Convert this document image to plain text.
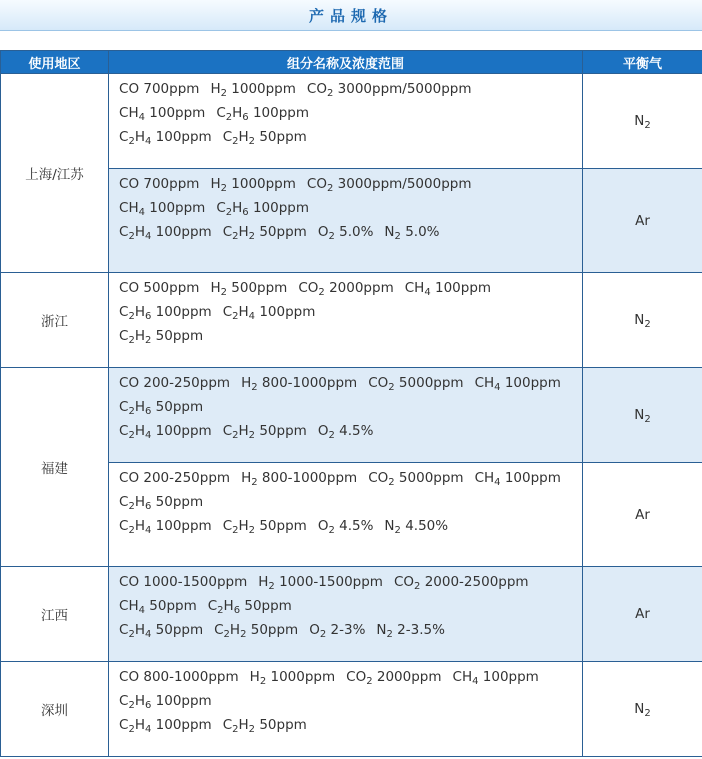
产品规格
使用地区	组分名称及浓度范围	平衡气
上海/江苏	CO 700ppm $H_2$ 1000ppm $CO_2$ 3000ppm/5000ppm
$CH_4$ 100ppm $C_2H_6$ 100ppm
$C_2H_4$ 100ppm $C_2H_2$ 50ppm	$N_2$

	CO 700ppm $H_2$ 1000ppm $CO_2$ 3000ppm/5000ppm
$CH_4$ 100ppm $C_2H_6$ 100ppm
$C_2H_4$ 100ppm $C_2H_2$ 50ppm $O_2$ 5.0% $N_2$ 5.0%	Ar
浙江	CO 500ppm $H_2$ 500ppm $CO_2$ 2000ppm $CH_4$ 100ppm
$C_2H_6$ 100ppm $C_2H_4$ 100ppm
$C_2H_2$ 50ppm	$N_2$
福建	CO 200-250ppm $H_2$ 800-1000ppm $CO_2$ 5000ppm $CH_4$ 100ppm
$C_2H_6$ 50ppm
$C_2H_4$ 100ppm $C_2H_2$ 50ppm $O_2$ 4.5%	$N_2$

	CO 200-250ppm $H_2$ 800-1000ppm $CO_2$ 5000ppm $CH_4$ 100ppm
$C_2H_6$ 50ppm
$C_2H_4$ 100ppm $C_2H_2$ 50ppm $O_2$ 4.5% $N_2$ 4.50%	Ar
江西	CO 1000-1500ppm $H_2$ 1000-1500ppm $CO_2$ 2000-2500ppm
$CH_4$ 50ppm $C_2H_6$ 50ppm
$C_2H_4$ 50ppm $C_2H_2$ 50ppm $O_2$ 2-3% $N_2$ 2-3.5%	Ar
深圳	CO 800-1000ppm $H_2$ 1000ppm $CO_2$ 2000ppm $CH_4$ 100ppm
$C_2H_6$ 100ppm
$C_2H_4$ 100ppm $C_2H_2$ 50ppm	$N_2$
